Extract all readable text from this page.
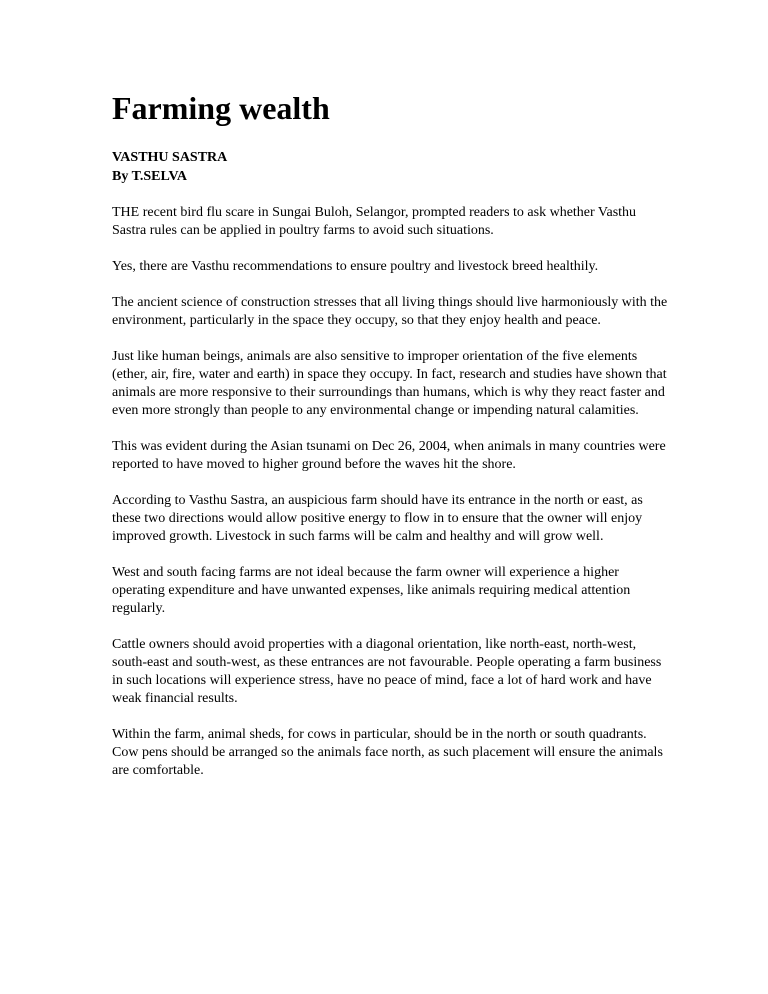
Farming wealth
VASTHU SASTRA
By T.SELVA

THE recent bird flu scare in Sungai Buloh, Selangor, prompted readers to ask whether Vasthu Sastra rules can be applied in poultry farms to avoid such situations.

Yes, there are Vasthu recommendations to ensure poultry and livestock breed healthily.

The ancient science of construction stresses that all living things should live harmoniously with the environment, particularly in the space they occupy, so that they enjoy health and peace.

Just like human beings, animals are also sensitive to improper orientation of the five elements (ether, air, fire, water and earth) in space they occupy. In fact, research and studies have shown that animals are more responsive to their surroundings than humans, which is why they react faster and even more strongly than people to any environmental change or impending natural calamities.

This was evident during the Asian tsunami on Dec 26, 2004, when animals in many countries were reported to have moved to higher ground before the waves hit the shore.

According to Vasthu Sastra, an auspicious farm should have its entrance in the north or east, as these two directions would allow positive energy to flow in to ensure that the owner will enjoy improved growth. Livestock in such farms will be calm and healthy and will grow well.

West and south facing farms are not ideal because the farm owner will experience a higher operating expenditure and have unwanted expenses, like animals requiring medical attention regularly.

Cattle owners should avoid properties with a diagonal orientation, like north-east, north-west, south-east and south-west, as these entrances are not favourable. People operating a farm business in such locations will experience stress, have no peace of mind, face a lot of hard work and have weak financial results.

Within the farm, animal sheds, for cows in particular, should be in the north or south quadrants. Cow pens should be arranged so the animals face north, as such placement will ensure the animals are comfortable.
